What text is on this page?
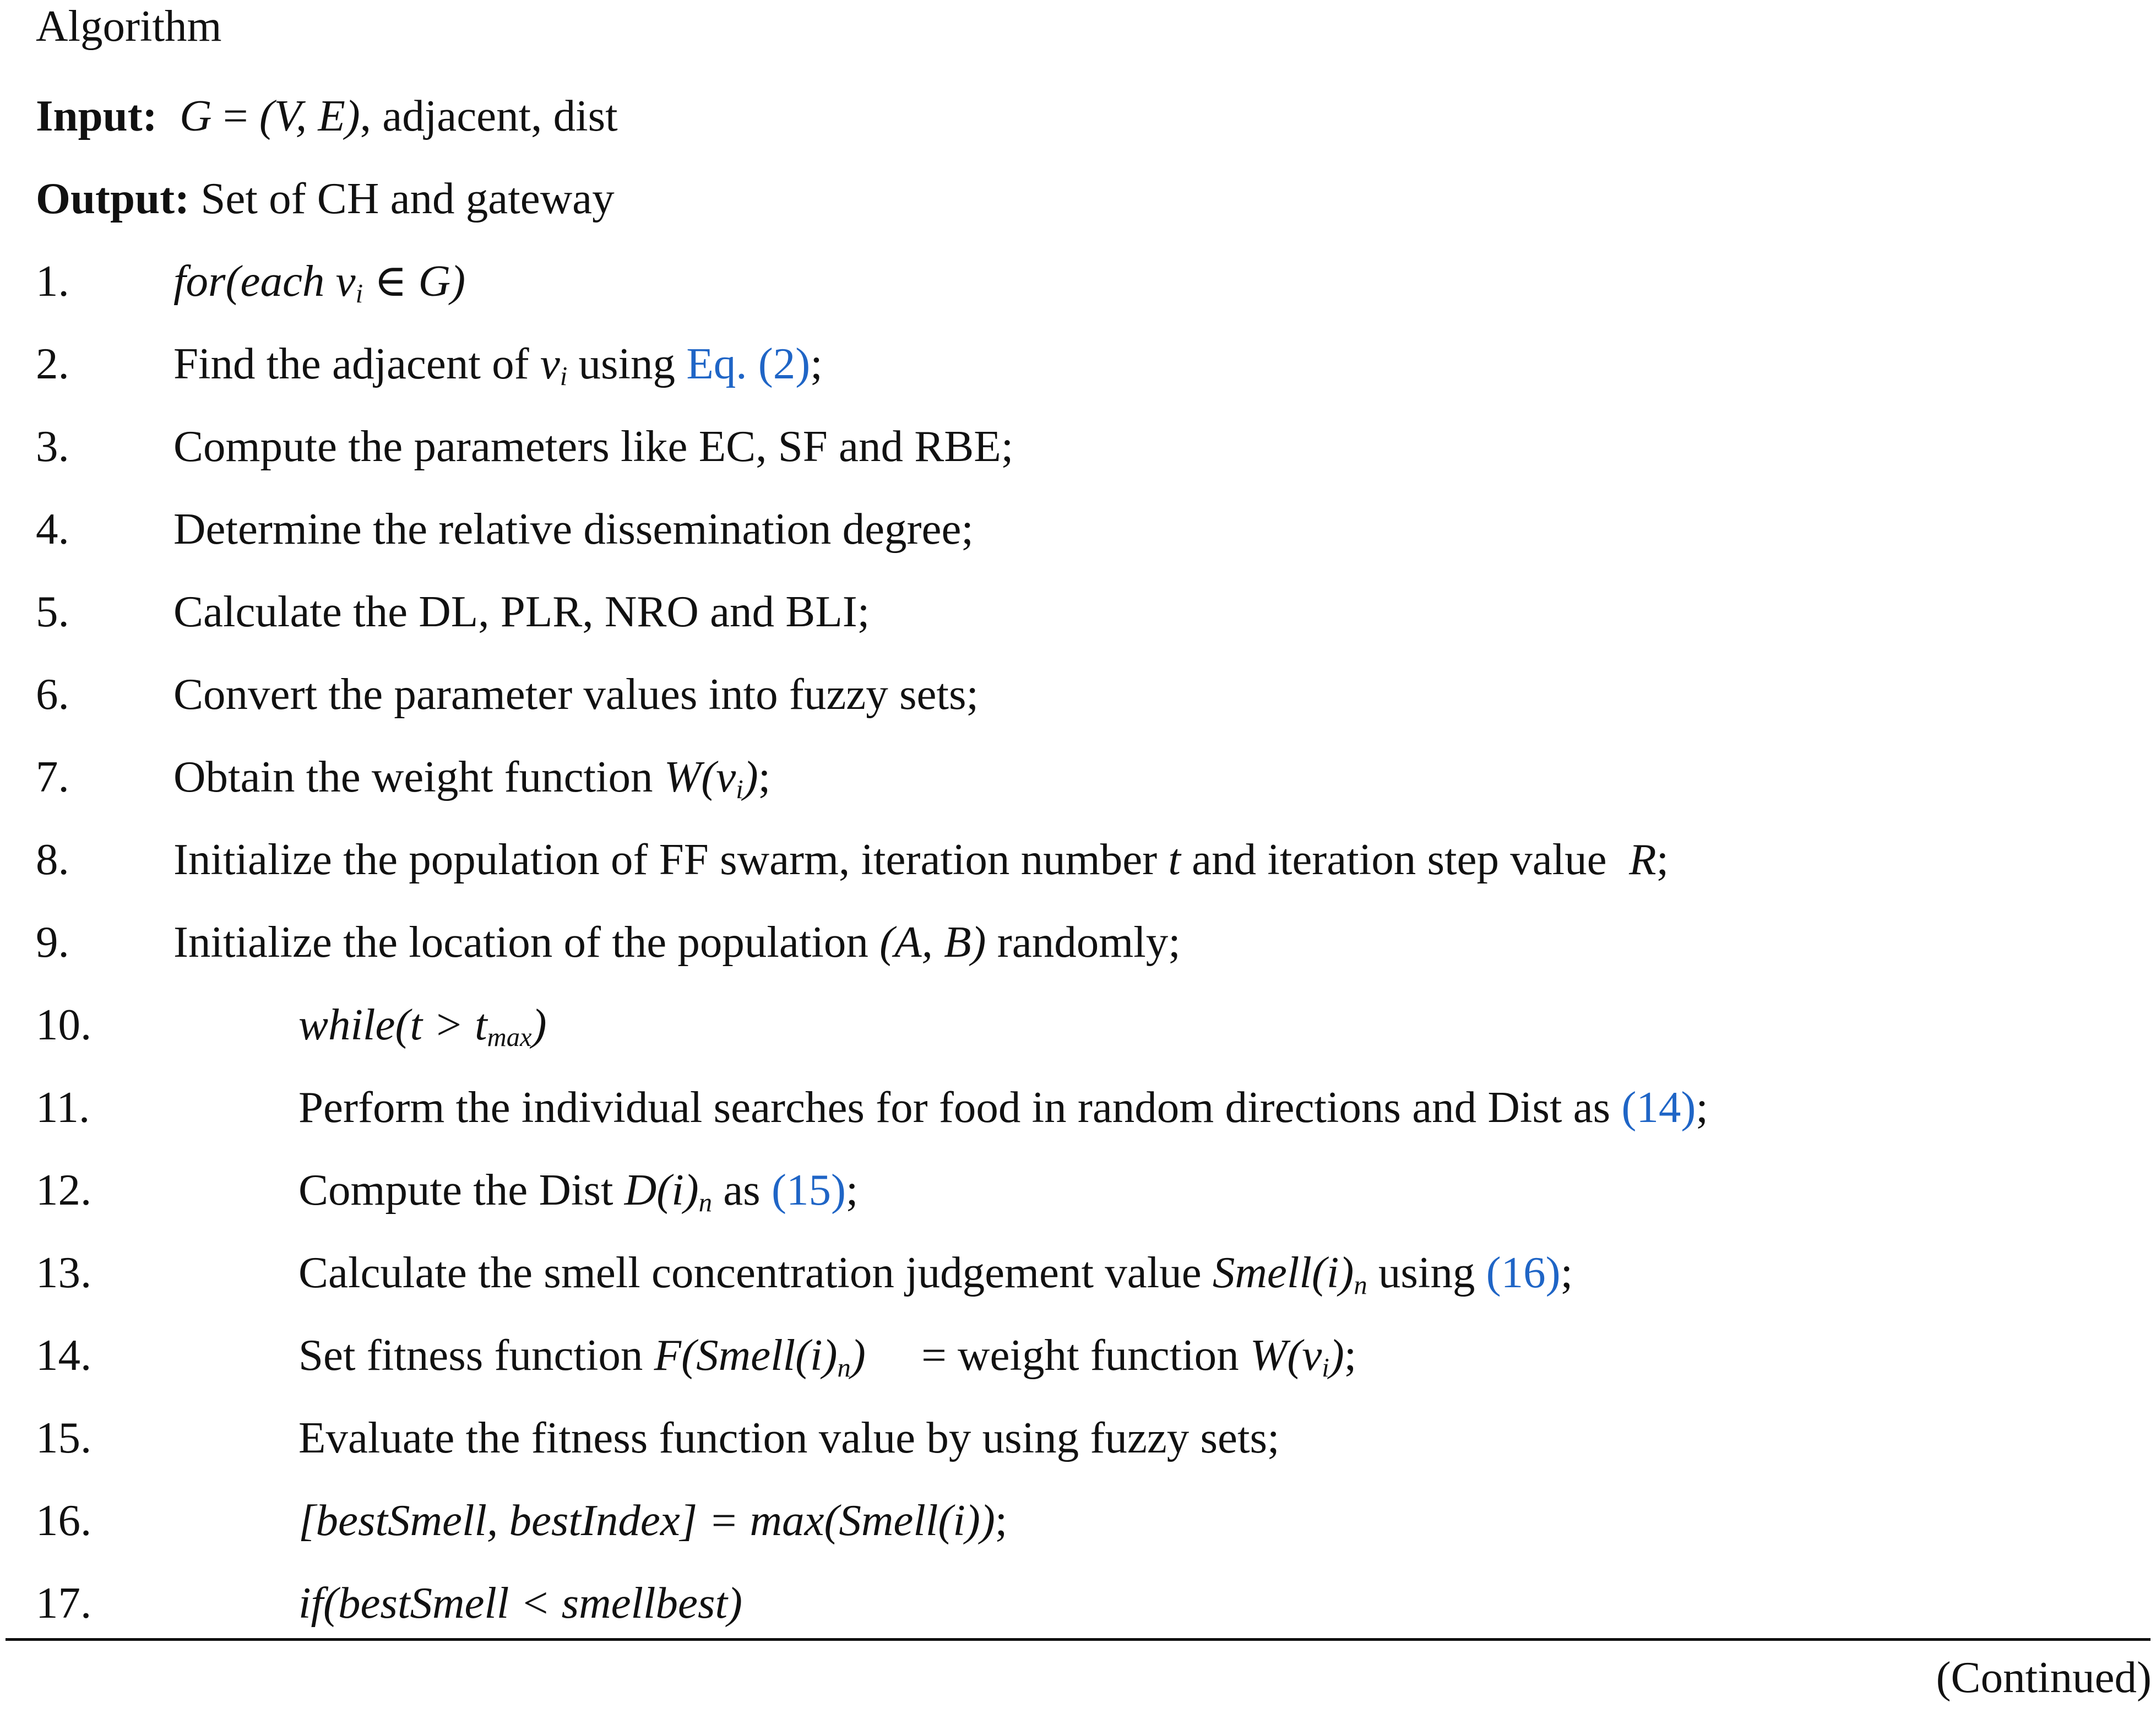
Algorithm
Input: G = (V, E), adjacent, dist
Output: Set of CH and gateway
1. for(each $v_i$ ∈ G)
2. Find the adjacent of $v_i$ using Eq. (2);
3. Compute the parameters like EC, SF and RBE;
4. Determine the relative dissemination degree;
5. Calculate the DL, PLR, NRO and BLI;
6. Convert the parameter values into fuzzy sets;
7. Obtain the weight function $W(v_i)$;
8. Initialize the population of FF swarm, iteration number t and iteration step value  R;
9. Initialize the location of the population (A, B) randomly;
10.	while(t > $t_{max}$)
11.	Perform the individual searches for food in random directions and Dist as (14);
12.	Compute the Dist $D(i)_n$ as (15);
13.	Calculate the smell concentration judgement value $Smell(i)_n$ using (16);
14.	Set fitness function $F(Smell(i)_n)$     = weight function $W(v_i)$;
15.	Evaluate the fitness function value by using fuzzy sets;
16.	[bestSmell, bestIndex] = max(Smell(i));
17.	if(bestSmell < smellbest)
(Continued)
